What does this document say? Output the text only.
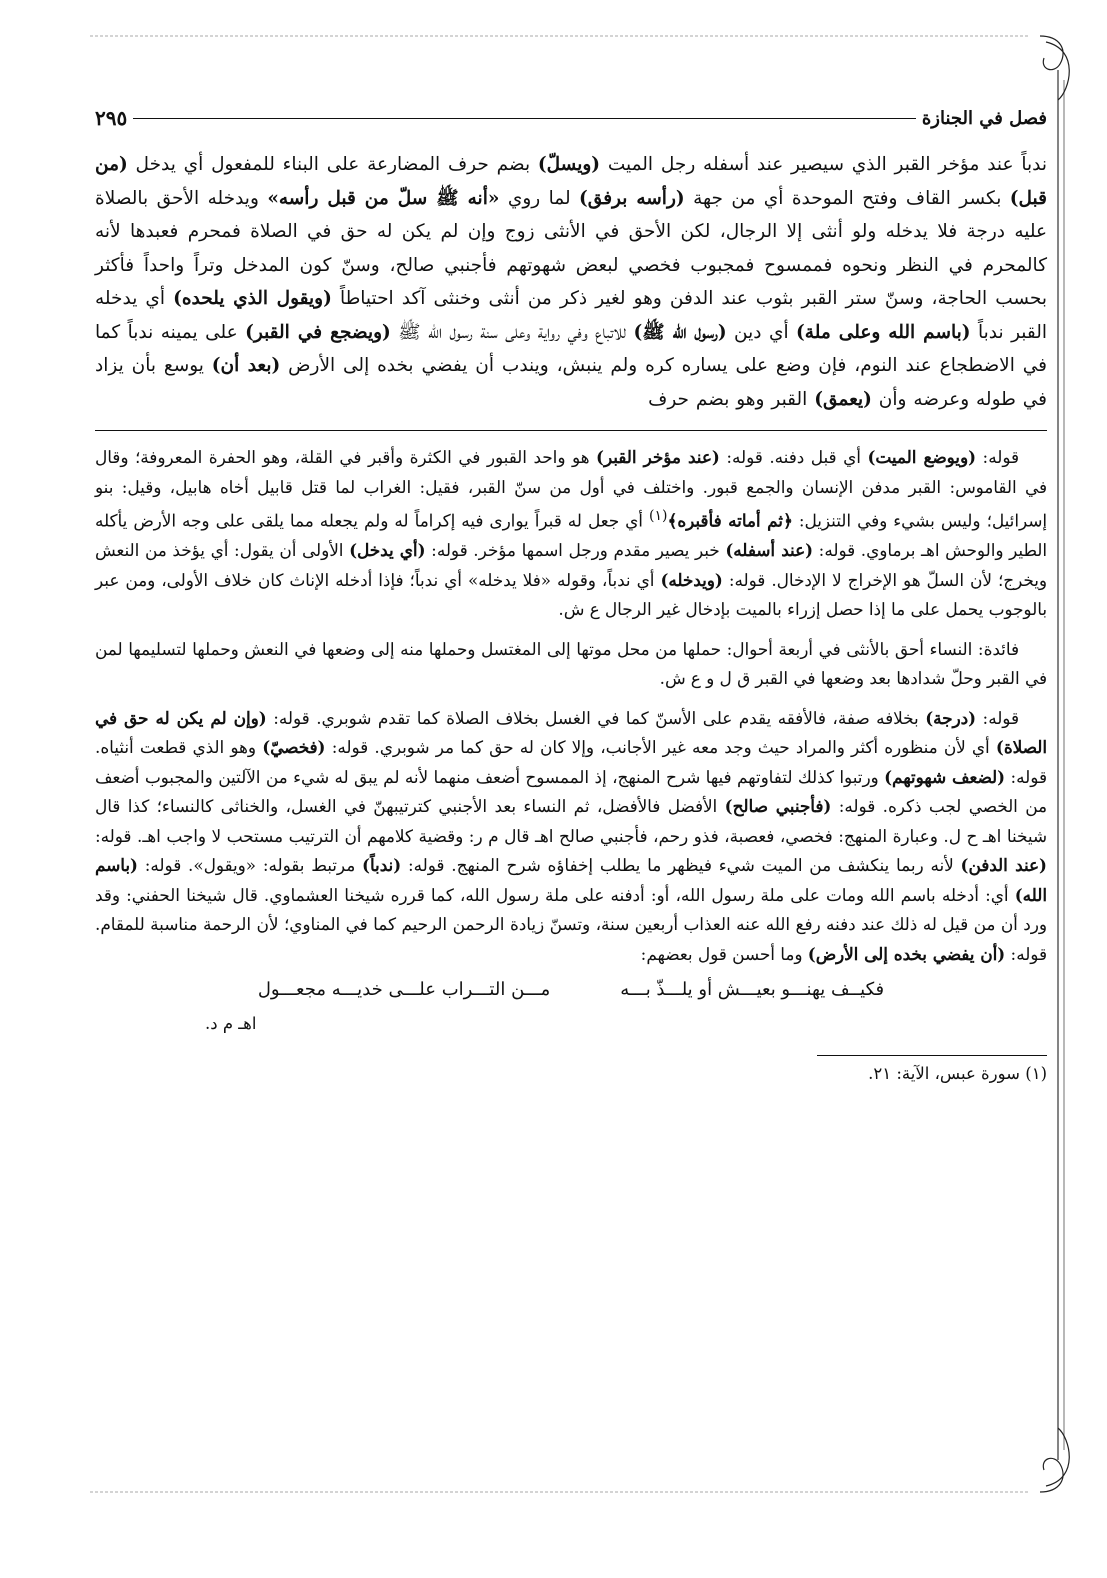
فصل في الجنازة
٢٩٥
ندباً عند مؤخر القبر الذي سيصير عند أسفله رجل الميت (ويسلّ) بضم حرف المضارعة على البناء للمفعول أي يدخل (من قبل) بكسر القاف وفتح الموحدة أي من جهة (رأسه برفق) لما روي «أنه ﷺ سلّ من قبل رأسه» ويدخله الأحق بالصلاة عليه درجة فلا يدخله ولو أنثى إلا الرجال، لكن الأحق في الأنثى زوج وإن لم يكن له حق في الصلاة فمحرم فعبدها لأنه كالمحرم في النظر ونحوه فممسوح فمجبوب فخصي لبعض شهوتهم فأجنبي صالح، وسنّ كون المدخل وتراً واحداً فأكثر بحسب الحاجة، وسنّ ستر القبر بثوب عند الدفن وهو لغير ذكر من أنثى وخنثى آكد احتياطاً (ويقول الذي يلحده) أي يدخله القبر ندباً (باسم الله وعلى ملة) أي دين (رسول الله ﷺ) للاتباع وفي رواية وعلى سنة رسول الله ﷺ (ويضجع في القبر) على يمينه ندباً كما في الاضطجاع عند النوم، فإن وضع على يساره كره ولم ينبش، ويندب أن يفضي بخده إلى الأرض (بعد أن) يوسع بأن يزاد في طوله وعرضه وأن (يعمق) القبر وهو بضم حرف

قوله: (ويوضع الميت) أي قبل دفنه. قوله: (عند مؤخر القبر) هو واحد القبور في الكثرة وأقبر في القلة، وهو الحفرة المعروفة؛ وقال في القاموس: القبر مدفن الإنسان والجمع قبور. واختلف في أول من سنّ القبر، فقيل: الغراب لما قتل قابيل أخاه هابيل، وقيل: بنو إسرائيل؛ وليس بشيء وفي التنزيل: ﴿ثم أماته فأقبره﴾$^{(١)}$ أي جعل له قبراً يوارى فيه إكراماً له ولم يجعله مما يلقى على وجه الأرض يأكله الطير والوحش اهـ برماوي. قوله: (عند أسفله) خبر يصير مقدم ورجل اسمها مؤخر. قوله: (أي يدخل) الأولى أن يقول: أي يؤخذ من النعش ويخرج؛ لأن السلّ هو الإخراج لا الإدخال. قوله: (ويدخله) أي ندباً، وقوله «فلا يدخله» أي ندباً؛ فإذا أدخله الإناث كان خلاف الأولى، ومن عبر بالوجوب يحمل على ما إذا حصل إزراء بالميت بإدخال غير الرجال ع ش.

فائدة: النساء أحق بالأنثى في أربعة أحوال: حملها من محل موتها إلى المغتسل وحملها منه إلى وضعها في النعش وحملها لتسليمها لمن في القبر وحلّ شدادها بعد وضعها في القبر ق ل و ع ش.

قوله: (درجة) بخلافه صفة، فالأفقه يقدم على الأسنّ كما في الغسل بخلاف الصلاة كما تقدم شوبري. قوله: (وإن لم يكن له حق في الصلاة) أي لأن منظوره أكثر والمراد حيث وجد معه غير الأجانب، وإلا كان له حق كما مر شوبري. قوله: (فخصيّ) وهو الذي قطعت أنثياه. قوله: (لضعف شهوتهم) ورتبوا كذلك لتفاوتهم فيها شرح المنهج، إذ الممسوح أضعف منهما لأنه لم يبق له شيء من الآلتين والمجبوب أضعف من الخصي لجب ذكره. قوله: (فأجنبي صالح) الأفضل فالأفضل، ثم النساء بعد الأجنبي كترتيبهنّ في الغسل، والخناثى كالنساء؛ كذا قال شيخنا اهـ ح ل. وعبارة المنهج: فخصي، فعصبة، فذو رحم، فأجنبي صالح اهـ قال م ر: وقضية كلامهم أن الترتيب مستحب لا واجب اهـ. قوله: (عند الدفن) لأنه ربما ينكشف من الميت شيء فيظهر ما يطلب إخفاؤه شرح المنهج. قوله: (ندباً) مرتبط بقوله: «ويقول». قوله: (باسم الله) أي: أدخله باسم الله ومات على ملة رسول الله، أو: أدفنه على ملة رسول الله، كما قرره شيخنا العشماوي. قال شيخنا الحفني: وقد ورد أن من قيل له ذلك عند دفنه رفع الله عنه العذاب أربعين سنة، وتسنّ زيادة الرحمن الرحيم كما في المناوي؛ لأن الرحمة مناسبة للمقام. قوله: (أن يفضي بخده إلى الأرض) وما أحسن قول بعضهم:

فكيــف يهنـــو بعيـــش أو يلـــذّ بـــه
مـــن التـــراب علـــى خديـــه مجعـــول
اهـ م د.
(١) سورة عبس، الآية: ٢١.
